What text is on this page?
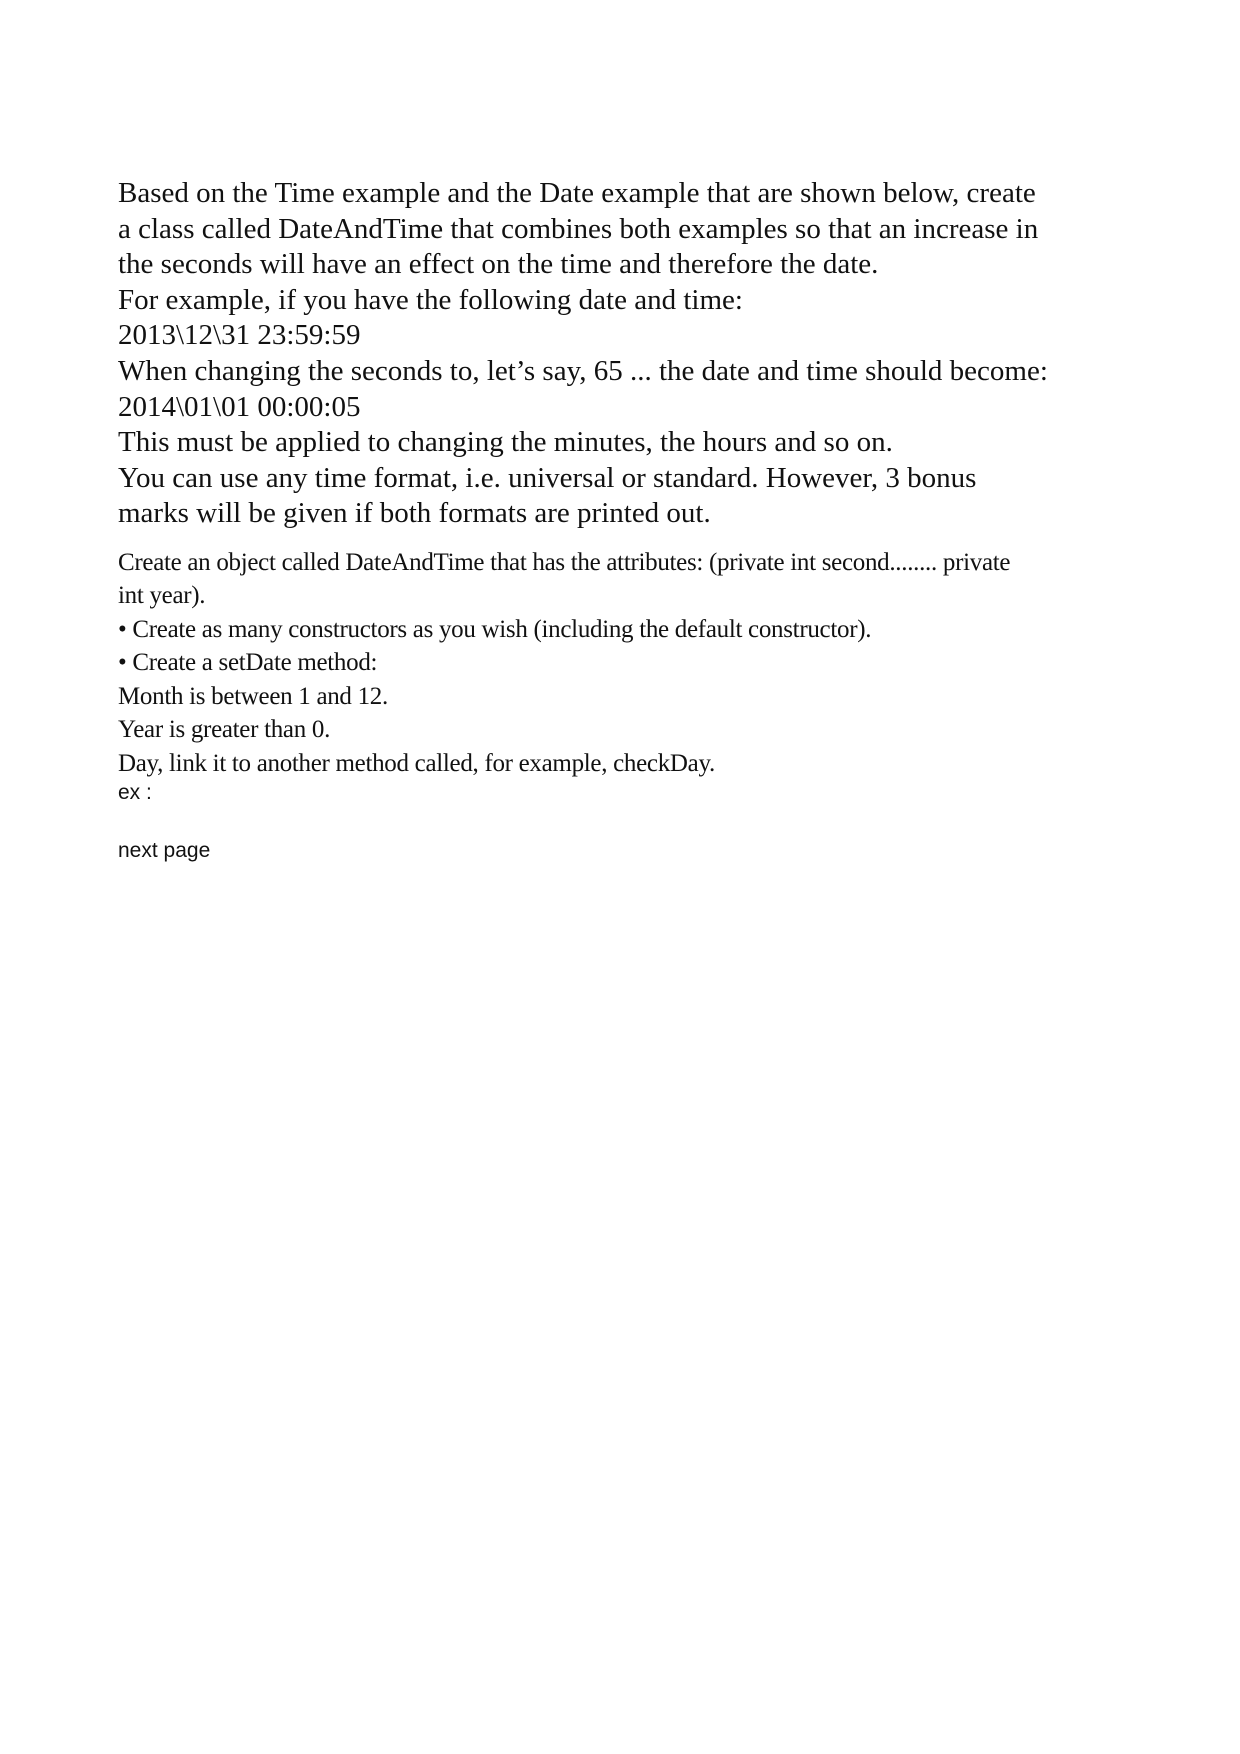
Based on the Time example and the Date example that are shown below, create
a class called DateAndTime that combines both examples so that an increase in
the seconds will have an effect on the time and therefore the date.
For example, if you have the following date and time:
2013\12\31 23:59:59
When changing the seconds to, let’s say, 65 ... the date and time should become:
2014\01\01 00:00:05
This must be applied to changing the minutes, the hours and so on.
You can use any time format, i.e. universal or standard. However, 3 bonus
marks will be given if both formats are printed out.
Create an object called DateAndTime that has the attributes: (private int second........ private
int year).
• Create as many constructors as you wish (including the default constructor).
• Create a setDate method:
Month is between 1 and 12.
Year is greater than 0.
Day, link it to another method called, for example, checkDay.
ex :
next page
